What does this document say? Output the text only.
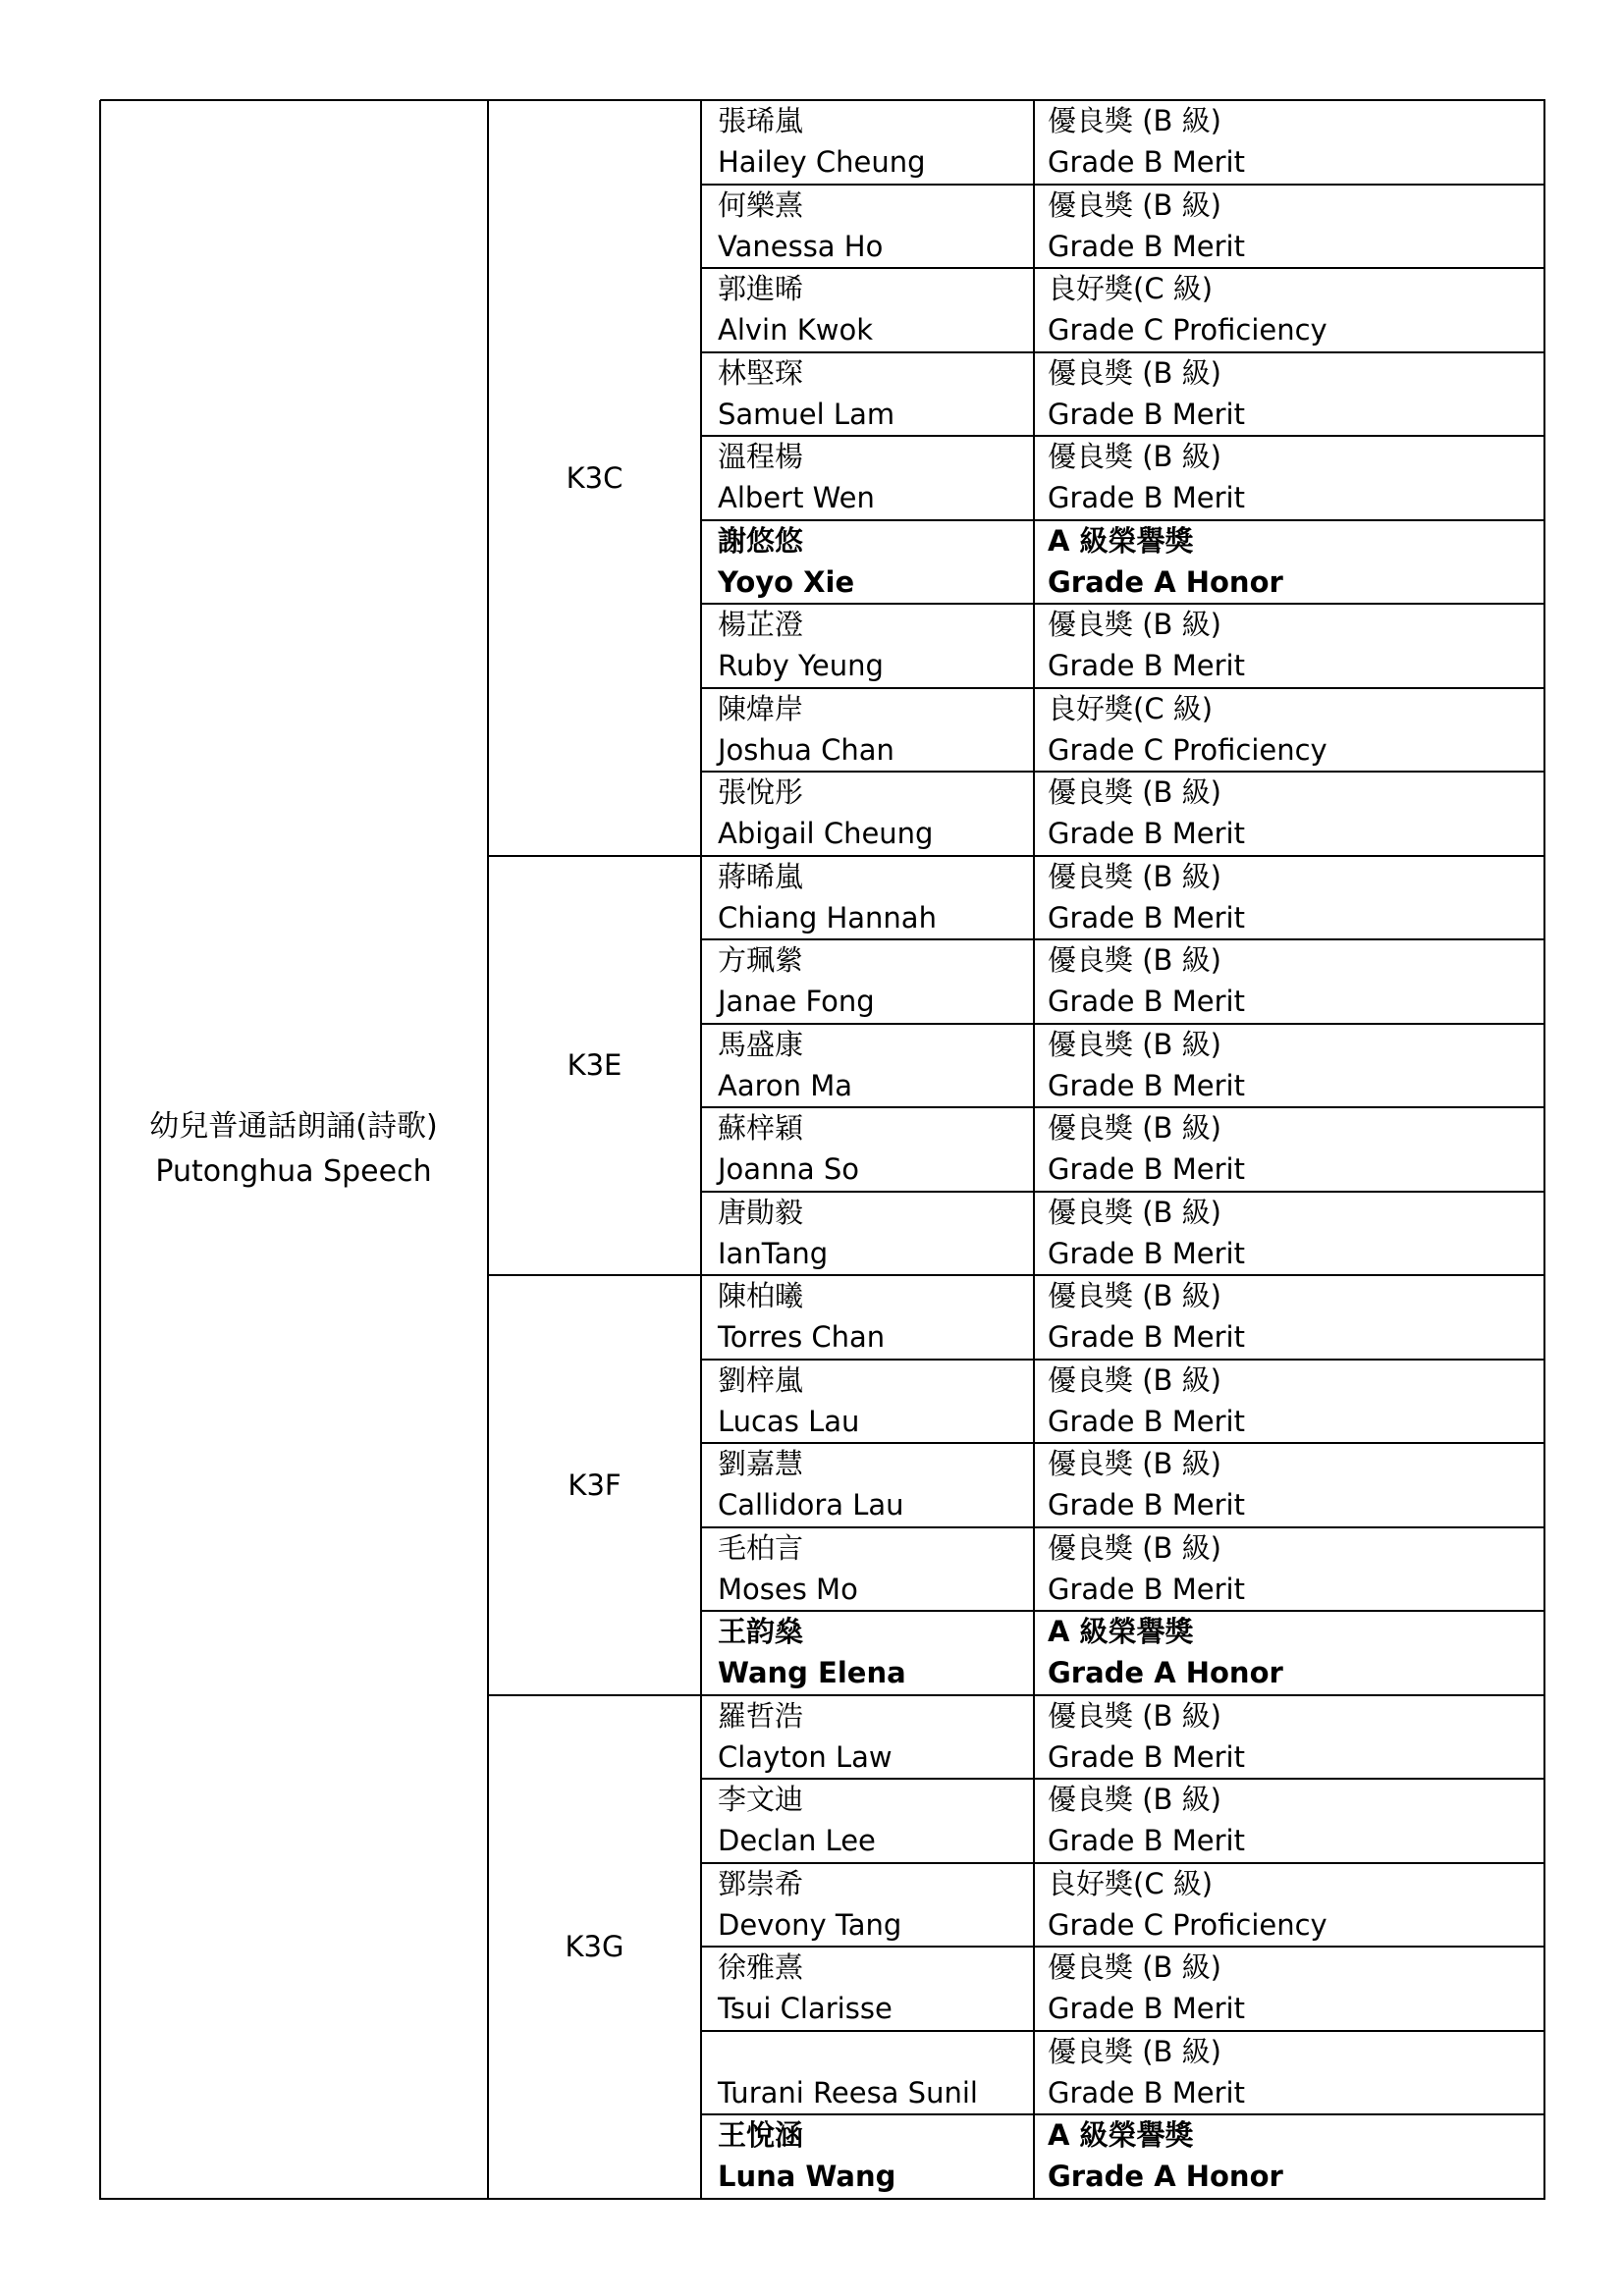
幼兒普通話朗誦(詩歌)
Putonghua Speech
K3C
張琋嵐
Hailey Cheung
優良獎 (B 級)
Grade B Merit
何樂熹
Vanessa Ho
優良獎 (B 級)
Grade B Merit
郭進晞
Alvin Kwok
良好獎(C 級)
Grade C Proficiency
林堅琛
Samuel Lam
優良獎 (B 級)
Grade B Merit
溫程楊
Albert Wen
優良獎 (B 級)
Grade B Merit
謝悠悠
Yoyo Xie
A 級榮譽獎
Grade A Honor
楊芷澄
Ruby Yeung
優良獎 (B 級)
Grade B Merit
陳煒岸
Joshua Chan
良好獎(C 級)
Grade C Proficiency
張悅彤
Abigail Cheung
優良獎 (B 級)
Grade B Merit
K3E
蔣晞嵐
Chiang Hannah
優良獎 (B 級)
Grade B Merit
方珮縈
Janae Fong
優良獎 (B 級)
Grade B Merit
馬盛康
Aaron Ma
優良獎 (B 級)
Grade B Merit
蘇梓穎
Joanna So
優良獎 (B 級)
Grade B Merit
唐勛毅
IanTang
優良獎 (B 級)
Grade B Merit
K3F
陳柏曦
Torres Chan
優良獎 (B 級)
Grade B Merit
劉梓嵐
Lucas Lau
優良獎 (B 級)
Grade B Merit
劉嘉慧
Callidora Lau
優良獎 (B 級)
Grade B Merit
毛柏言
Moses Mo
優良獎 (B 級)
Grade B Merit
王韵燊
Wang Elena
A 級榮譽獎
Grade A Honor
K3G
羅哲浩
Clayton Law
優良獎 (B 級)
Grade B Merit
李文迪
Declan Lee
優良獎 (B 級)
Grade B Merit
鄧崇希
Devony Tang
良好獎(C 級)
Grade C Proficiency
徐雅熹
Tsui Clarisse
優良獎 (B 級)
Grade B Merit
Turani Reesa Sunil
優良獎 (B 級)
Grade B Merit
王悅涵
Luna Wang
A 級榮譽獎
Grade A Honor
